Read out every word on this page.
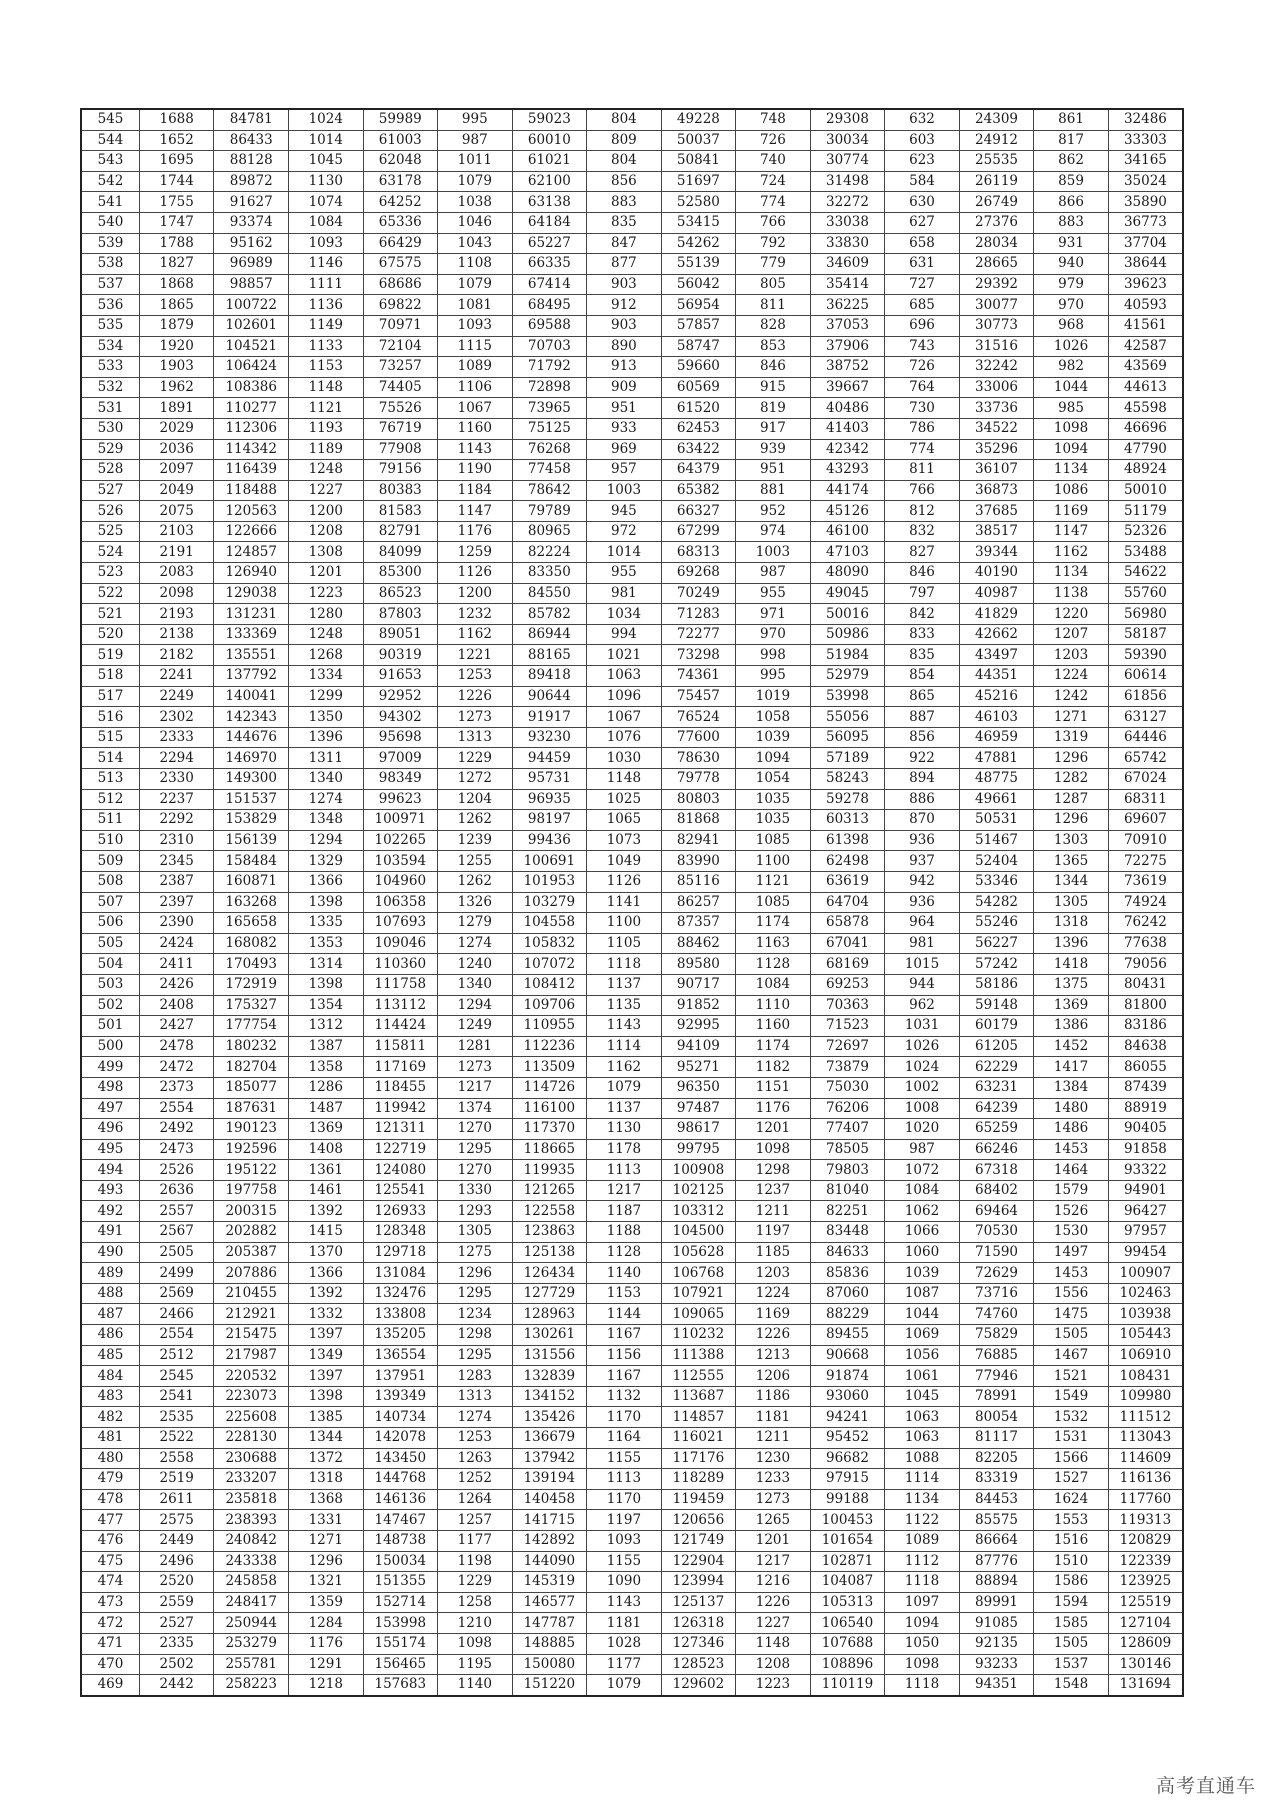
545	1688	84781	1024	59989	995	59023	804	49228	748	29308	632	24309	861	32486
544	1652	86433	1014	61003	987	60010	809	50037	726	30034	603	24912	817	33303
543	1695	88128	1045	62048	1011	61021	804	50841	740	30774	623	25535	862	34165
542	1744	89872	1130	63178	1079	62100	856	51697	724	31498	584	26119	859	35024
541	1755	91627	1074	64252	1038	63138	883	52580	774	32272	630	26749	866	35890
540	1747	93374	1084	65336	1046	64184	835	53415	766	33038	627	27376	883	36773
539	1788	95162	1093	66429	1043	65227	847	54262	792	33830	658	28034	931	37704
538	1827	96989	1146	67575	1108	66335	877	55139	779	34609	631	28665	940	38644
537	1868	98857	1111	68686	1079	67414	903	56042	805	35414	727	29392	979	39623
536	1865	100722	1136	69822	1081	68495	912	56954	811	36225	685	30077	970	40593
535	1879	102601	1149	70971	1093	69588	903	57857	828	37053	696	30773	968	41561
534	1920	104521	1133	72104	1115	70703	890	58747	853	37906	743	31516	1026	42587
533	1903	106424	1153	73257	1089	71792	913	59660	846	38752	726	32242	982	43569
532	1962	108386	1148	74405	1106	72898	909	60569	915	39667	764	33006	1044	44613
531	1891	110277	1121	75526	1067	73965	951	61520	819	40486	730	33736	985	45598
530	2029	112306	1193	76719	1160	75125	933	62453	917	41403	786	34522	1098	46696
529	2036	114342	1189	77908	1143	76268	969	63422	939	42342	774	35296	1094	47790
528	2097	116439	1248	79156	1190	77458	957	64379	951	43293	811	36107	1134	48924
527	2049	118488	1227	80383	1184	78642	1003	65382	881	44174	766	36873	1086	50010
526	2075	120563	1200	81583	1147	79789	945	66327	952	45126	812	37685	1169	51179
525	2103	122666	1208	82791	1176	80965	972	67299	974	46100	832	38517	1147	52326
524	2191	124857	1308	84099	1259	82224	1014	68313	1003	47103	827	39344	1162	53488
523	2083	126940	1201	85300	1126	83350	955	69268	987	48090	846	40190	1134	54622
522	2098	129038	1223	86523	1200	84550	981	70249	955	49045	797	40987	1138	55760
521	2193	131231	1280	87803	1232	85782	1034	71283	971	50016	842	41829	1220	56980
520	2138	133369	1248	89051	1162	86944	994	72277	970	50986	833	42662	1207	58187
519	2182	135551	1268	90319	1221	88165	1021	73298	998	51984	835	43497	1203	59390
518	2241	137792	1334	91653	1253	89418	1063	74361	995	52979	854	44351	1224	60614
517	2249	140041	1299	92952	1226	90644	1096	75457	1019	53998	865	45216	1242	61856
516	2302	142343	1350	94302	1273	91917	1067	76524	1058	55056	887	46103	1271	63127
515	2333	144676	1396	95698	1313	93230	1076	77600	1039	56095	856	46959	1319	64446
514	2294	146970	1311	97009	1229	94459	1030	78630	1094	57189	922	47881	1296	65742
513	2330	149300	1340	98349	1272	95731	1148	79778	1054	58243	894	48775	1282	67024
512	2237	151537	1274	99623	1204	96935	1025	80803	1035	59278	886	49661	1287	68311
511	2292	153829	1348	100971	1262	98197	1065	81868	1035	60313	870	50531	1296	69607
510	2310	156139	1294	102265	1239	99436	1073	82941	1085	61398	936	51467	1303	70910
509	2345	158484	1329	103594	1255	100691	1049	83990	1100	62498	937	52404	1365	72275
508	2387	160871	1366	104960	1262	101953	1126	85116	1121	63619	942	53346	1344	73619
507	2397	163268	1398	106358	1326	103279	1141	86257	1085	64704	936	54282	1305	74924
506	2390	165658	1335	107693	1279	104558	1100	87357	1174	65878	964	55246	1318	76242
505	2424	168082	1353	109046	1274	105832	1105	88462	1163	67041	981	56227	1396	77638
504	2411	170493	1314	110360	1240	107072	1118	89580	1128	68169	1015	57242	1418	79056
503	2426	172919	1398	111758	1340	108412	1137	90717	1084	69253	944	58186	1375	80431
502	2408	175327	1354	113112	1294	109706	1135	91852	1110	70363	962	59148	1369	81800
501	2427	177754	1312	114424	1249	110955	1143	92995	1160	71523	1031	60179	1386	83186
500	2478	180232	1387	115811	1281	112236	1114	94109	1174	72697	1026	61205	1452	84638
499	2472	182704	1358	117169	1273	113509	1162	95271	1182	73879	1024	62229	1417	86055
498	2373	185077	1286	118455	1217	114726	1079	96350	1151	75030	1002	63231	1384	87439
497	2554	187631	1487	119942	1374	116100	1137	97487	1176	76206	1008	64239	1480	88919
496	2492	190123	1369	121311	1270	117370	1130	98617	1201	77407	1020	65259	1486	90405
495	2473	192596	1408	122719	1295	118665	1178	99795	1098	78505	987	66246	1453	91858
494	2526	195122	1361	124080	1270	119935	1113	100908	1298	79803	1072	67318	1464	93322
493	2636	197758	1461	125541	1330	121265	1217	102125	1237	81040	1084	68402	1579	94901
492	2557	200315	1392	126933	1293	122558	1187	103312	1211	82251	1062	69464	1526	96427
491	2567	202882	1415	128348	1305	123863	1188	104500	1197	83448	1066	70530	1530	97957
490	2505	205387	1370	129718	1275	125138	1128	105628	1185	84633	1060	71590	1497	99454
489	2499	207886	1366	131084	1296	126434	1140	106768	1203	85836	1039	72629	1453	100907
488	2569	210455	1392	132476	1295	127729	1153	107921	1224	87060	1087	73716	1556	102463
487	2466	212921	1332	133808	1234	128963	1144	109065	1169	88229	1044	74760	1475	103938
486	2554	215475	1397	135205	1298	130261	1167	110232	1226	89455	1069	75829	1505	105443
485	2512	217987	1349	136554	1295	131556	1156	111388	1213	90668	1056	76885	1467	106910
484	2545	220532	1397	137951	1283	132839	1167	112555	1206	91874	1061	77946	1521	108431
483	2541	223073	1398	139349	1313	134152	1132	113687	1186	93060	1045	78991	1549	109980
482	2535	225608	1385	140734	1274	135426	1170	114857	1181	94241	1063	80054	1532	111512
481	2522	228130	1344	142078	1253	136679	1164	116021	1211	95452	1063	81117	1531	113043
480	2558	230688	1372	143450	1263	137942	1155	117176	1230	96682	1088	82205	1566	114609
479	2519	233207	1318	144768	1252	139194	1113	118289	1233	97915	1114	83319	1527	116136
478	2611	235818	1368	146136	1264	140458	1170	119459	1273	99188	1134	84453	1624	117760
477	2575	238393	1331	147467	1257	141715	1197	120656	1265	100453	1122	85575	1553	119313
476	2449	240842	1271	148738	1177	142892	1093	121749	1201	101654	1089	86664	1516	120829
475	2496	243338	1296	150034	1198	144090	1155	122904	1217	102871	1112	87776	1510	122339
474	2520	245858	1321	151355	1229	145319	1090	123994	1216	104087	1118	88894	1586	123925
473	2559	248417	1359	152714	1258	146577	1143	125137	1226	105313	1097	89991	1594	125519
472	2527	250944	1284	153998	1210	147787	1181	126318	1227	106540	1094	91085	1585	127104
471	2335	253279	1176	155174	1098	148885	1028	127346	1148	107688	1050	92135	1505	128609
470	2502	255781	1291	156465	1195	150080	1177	128523	1208	108896	1098	93233	1537	130146
469	2442	258223	1218	157683	1140	151220	1079	129602	1223	110119	1118	94351	1548	131694
高考直通车
